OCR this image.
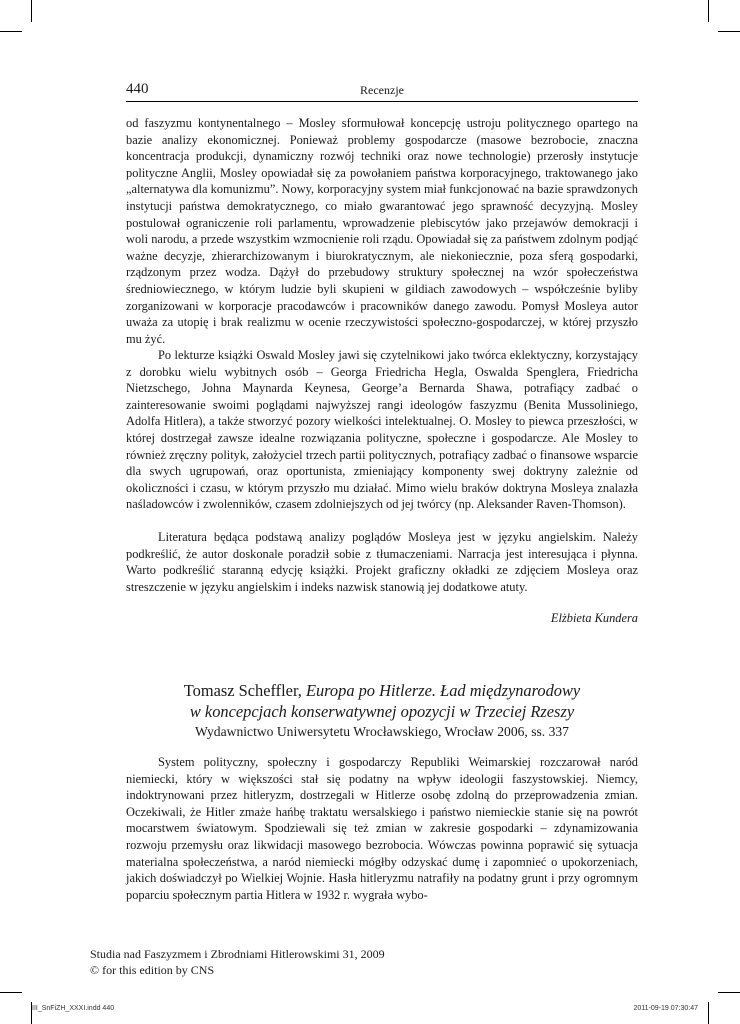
440	Recenzje

od faszyzmu kontynentalnego – Mosley sformułował koncepcję ustroju politycznego opartego na bazie analizy ekonomicznej. Ponieważ problemy gospodarcze (masowe bezrobocie, znaczna koncentracja produkcji, dynamiczny rozwój techniki oraz nowe technologie) przerosły instytucje polityczne Anglii, Mosley opowiadał się za powołaniem państwa korporacyjnego, traktowanego jako „alternatywa dla komunizmu”. Nowy, korporacyjny system miał funkcjonować na bazie sprawdzonych instytucji państwa demokratycznego, co miało gwarantować jego sprawność decyzyjną. Mosley postulował ograniczenie roli parlamentu, wprowadzenie plebiscytów jako przejawów demokracji i woli narodu, a przede wszystkim wzmocnienie roli rządu. Opowiadał się za państwem zdolnym podjąć ważne decyzje, zhierarchizowanym i biurokratycznym, ale niekoniecznie, poza sferą gospodarki, rządzonym przez wodza. Dążył do przebudowy struktury społecznej na wzór społeczeństwa średniowiecznego, w którym ludzie byli skupieni w gildiach zawodowych – współcześnie byliby zorganizowani w korporacje pracodawców i pracowników danego zawodu. Pomysł Mosleya autor uważa za utopię i brak realizmu w ocenie rzeczywistości społeczno-gospodarczej, w której przyszło mu żyć.

Po lekturze książki Oswald Mosley jawi się czytelnikowi jako twórca eklektyczny, korzystający z dorobku wielu wybitnych osób – Georga Friedricha Hegla, Oswalda Spenglera, Friedricha Nietzschego, Johna Maynarda Keynesa, George’a Bernarda Shawa, potrafiący zadbać o zainteresowanie swoimi poglądami najwyższej rangi ideologów faszyzmu (Benita Mussoliniego, Adolfa Hitlera), a także stworzyć pozory wielkości intelektualnej. O. Mosley to piewca przeszłości, w której dostrzegał zawsze idealne rozwiązania polityczne, społeczne i gospodarcze. Ale Mosley to również zręczny polityk, założyciel trzech partii politycznych, potrafiący zadbać o finansowe wsparcie dla swych ugrupowań, oraz oportunista, zmieniający komponenty swej doktryny zależnie od okoliczności i czasu, w którym przyszło mu działać. Mimo wielu braków doktryna Mosleya znalazła naśladowców i zwolenników, czasem zdolniejszych od jej twórcy (np. Aleksander Raven-Thomson).

Literatura będąca podstawą analizy poglądów Mosleya jest w języku angielskim. Należy podkreślić, że autor doskonale poradził sobie z tłumaczeniami. Narracja jest interesująca i płynna. Warto podkreślić staranną edycję książki. Projekt graficzny okładki ze zdjęciem Mosleya oraz streszczenie w języku angielskim i indeks nazwisk stanowią jej dodatkowe atuty.

Elżbieta Kundera
Tomasz Scheffler, Europa po Hitlerze. Ład międzynarodowy
w koncepcjach konserwatywnej opozycji w Trzeciej Rzeszy
Wydawnictwo Uniwersytetu Wrocławskiego, Wrocław 2006, ss. 337

System polityczny, społeczny i gospodarczy Republiki Weimarskiej rozczarował naród niemiecki, który w większości stał się podatny na wpływ ideologii faszystowskiej. Niemcy, indoktrynowani przez hitleryzm, dostrzegali w Hitlerze osobę zdolną do przeprowadzenia zmian. Oczekiwali, że Hitler zmaże hańbę traktatu wersalskiego i państwo niemieckie stanie się na powrót mocarstwem światowym. Spodziewali się też zmian w zakresie gospodarki – zdynamizowania rozwoju przemysłu oraz likwidacji masowego bezrobocia. Wówczas powinna poprawić się sytuacja materialna społeczeństwa, a naród niemiecki mógłby odzyskać dumę i zapomnieć o upokorzeniach, jakich doświadczył po Wielkiej Wojnie. Hasła hitleryzmu natrafiły na podatny grunt i przy ogromnym poparciu społecznym partia Hitlera w 1932 r. wygrała wybo-

Studia nad Faszyzmem i Zbrodniami Hitlerowskimi 31, 2009
© for this edition by CNS
III_SnFiZH_XXXI.indd 440	2011-09-19 07:30:47
